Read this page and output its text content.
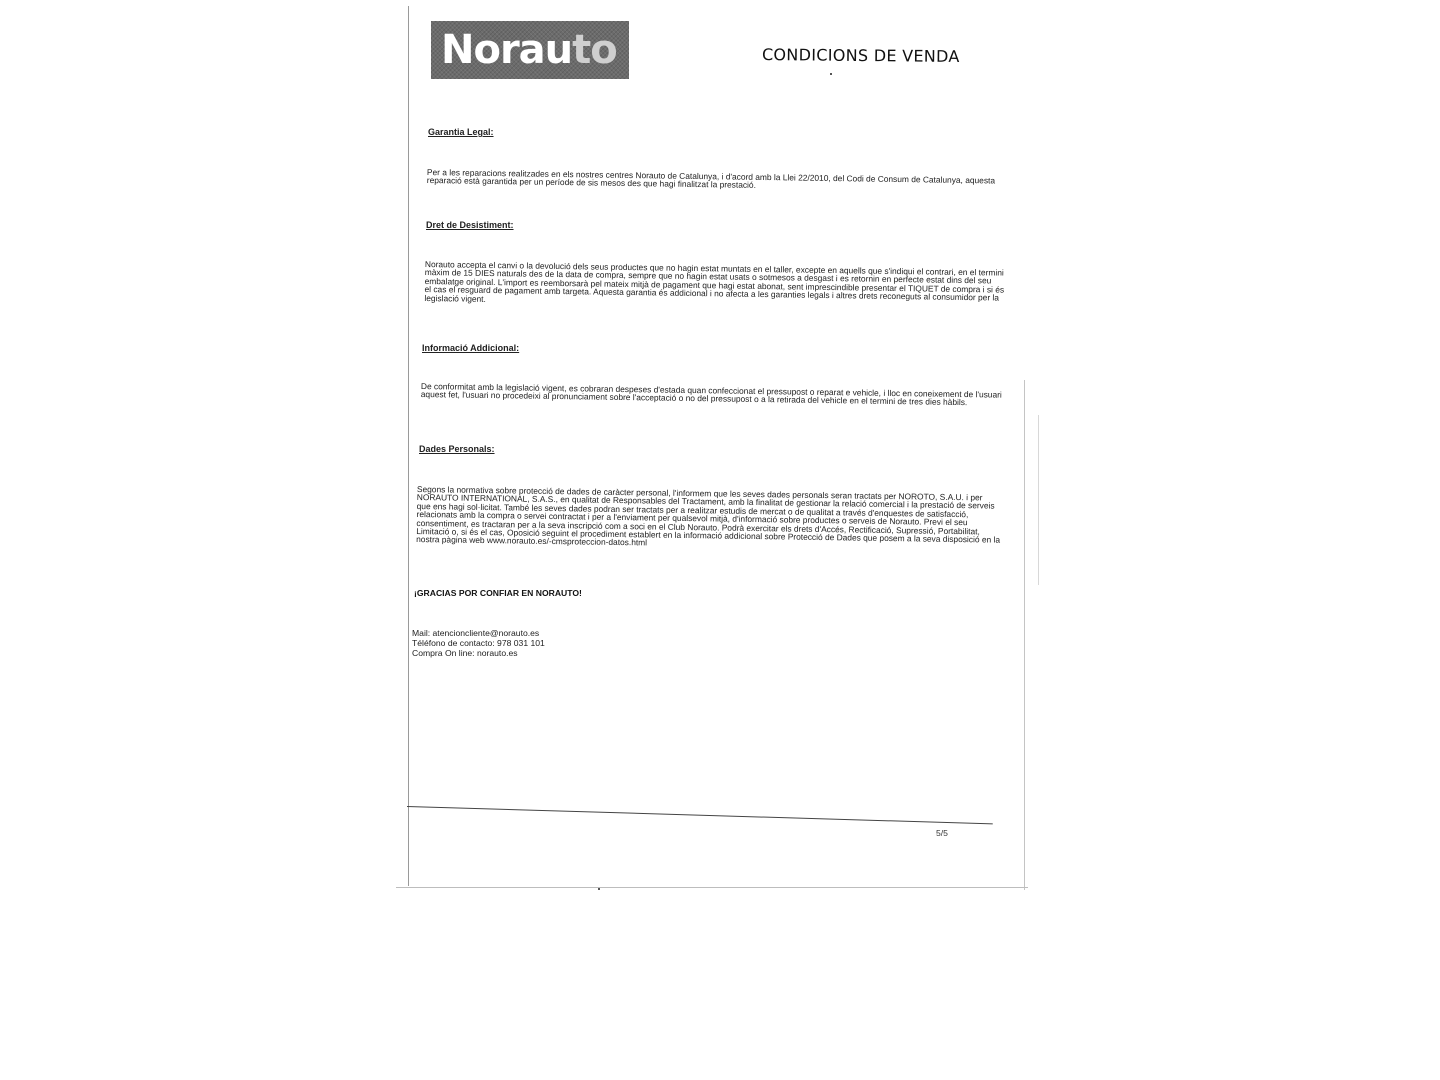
Norauto	CONDICIONS DE VENDA
Garantia Legal:
Per a les reparacions realitzades en els nostres centres Norauto de Catalunya, i d'acord amb la Llei 22/2010, del Codi de Consum de Catalunya, aquesta reparació està garantida per un període de sis mesos des que hagi finalitzat la prestació.
Dret de Desistiment:
Norauto accepta el canvi o la devolució dels seus productes que no hagin estat muntats en el taller, excepte en aquells que s'indiqui el contrari, en el termini màxim de 15 DIES naturals des de la data de compra, sempre que no hagin estat usats o sotmesos a desgast i es retornin en perfecte estat dins del seu embalatge original. L'import es reemborsarà pel mateix mitjà de pagament que hagi estat abonat, sent imprescindible presentar el TIQUET de compra i si és el cas el resguard de pagament amb targeta. Aquesta garantia és addicional i no afecta a les garanties legals i altres drets reconeguts al consumidor per la legislació vigent.
Informació Addicional:
De conformitat amb la legislació vigent, es cobraran despeses d'estada quan confeccionat el pressupost o reparat e vehicle, i lloc en coneixement de l'usuari aquest fet, l'usuari no procedeixi al pronunciament sobre l'acceptació o no del pressupost o a la retirada del vehicle en el termini de tres dies hàbils.
Dades Personals:
Segons la normativa sobre protecció de dades de caràcter personal, l'informem que les seves dades personals seran tractats per NOROTO, S.A.U. i per NORAUTO INTERNATIONAL, S.A.S., en qualitat de Responsables del Tractament, amb la finalitat de gestionar la relació comercial i la prestació de serveis que ens hagi sol·licitat. També les seves dades podran ser tractats per a realitzar estudis de mercat o de qualitat a través d'enquestes de satisfacció, relacionats amb la compra o servei contractat i per a l'enviament per qualsevol mitjà, d'informació sobre productes o serveis de Norauto. Previ el seu consentiment, es tractaran per a la seva inscripció com a soci en el Club Norauto. Podrà exercitar els drets d'Accés, Rectificació, Supressió, Portabilitat, Limitació o, si és el cas, Oposició seguint el procediment establert en la informació addicional sobre Protecció de Dades que posem a la seva disposició en la nostra pàgina web www.norauto.es/-cmsproteccion-datos.html
¡GRACIAS POR CONFIAR EN NORAUTO!
Mail: atencioncliente@norauto.es
Téléfono de contacto: 978 031 101
Compra On line: norauto.es
5/5
